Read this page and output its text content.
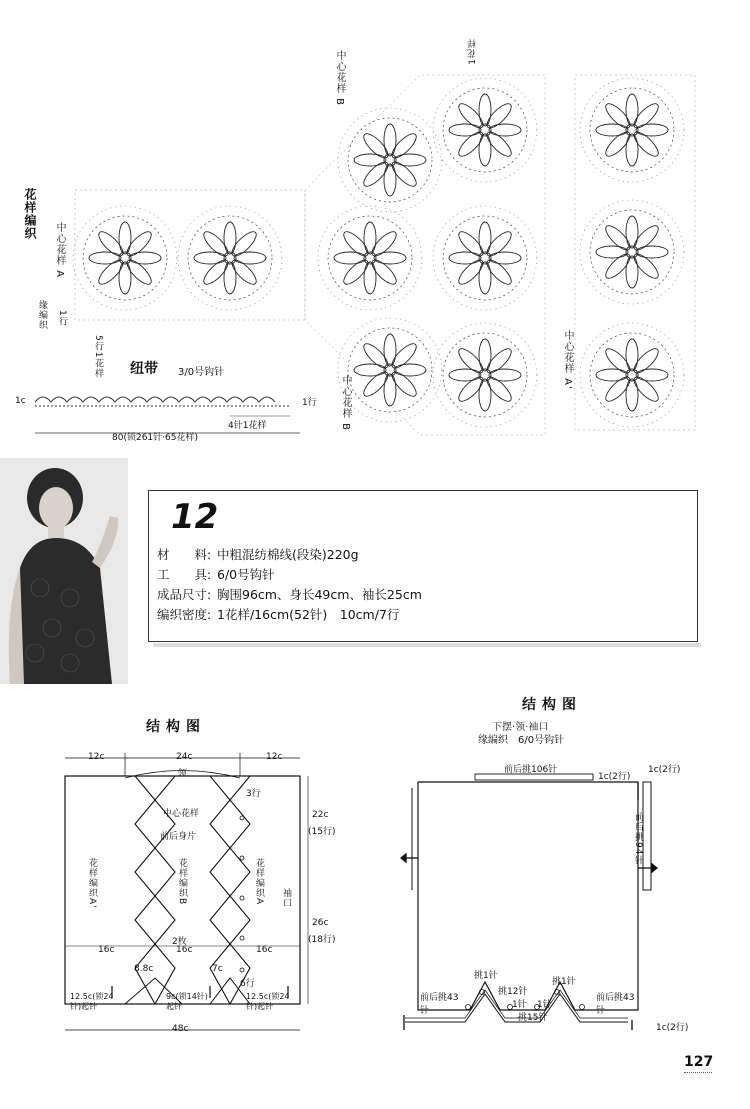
花样编织
中心花样 A
缘编织 1行
5行1花样
中心花样 B
中心花样 B
1花样
中心花样 A'
纽带 3/0号钩针
1c	1行
4针1花样
80(锁261针·65花样)
12
材　　料: 中粗混纺棉线(段染)220g
工　　具: 6/0号钩针
成品尺寸: 胸围96cm、身长49cm、袖长25cm
编织密度: 1花样/16cm(52针)　10cm/7行
结构图
12c	24c	12c
领
3行
中心花样
前后身片
花样编织A'	花样编织B	花样编织A 袖口
22c
(15行)
26c
(18行)
2枚
16c	16c	16c
8.8c	7c
6行
12.5c(锁24针)起针
9c(锁14针)起针
12.5c(锁24针)起针
48c
结构图
下摆·领·袖口
缘编织　6/0号钩针
前后挑106针
1c(2行)
1c(2行)
前后挑94针
挑1针
挑1针
挑12针
1针 1针
挑15针
前后挑43针
前后挑43针
1c(2行)
127
